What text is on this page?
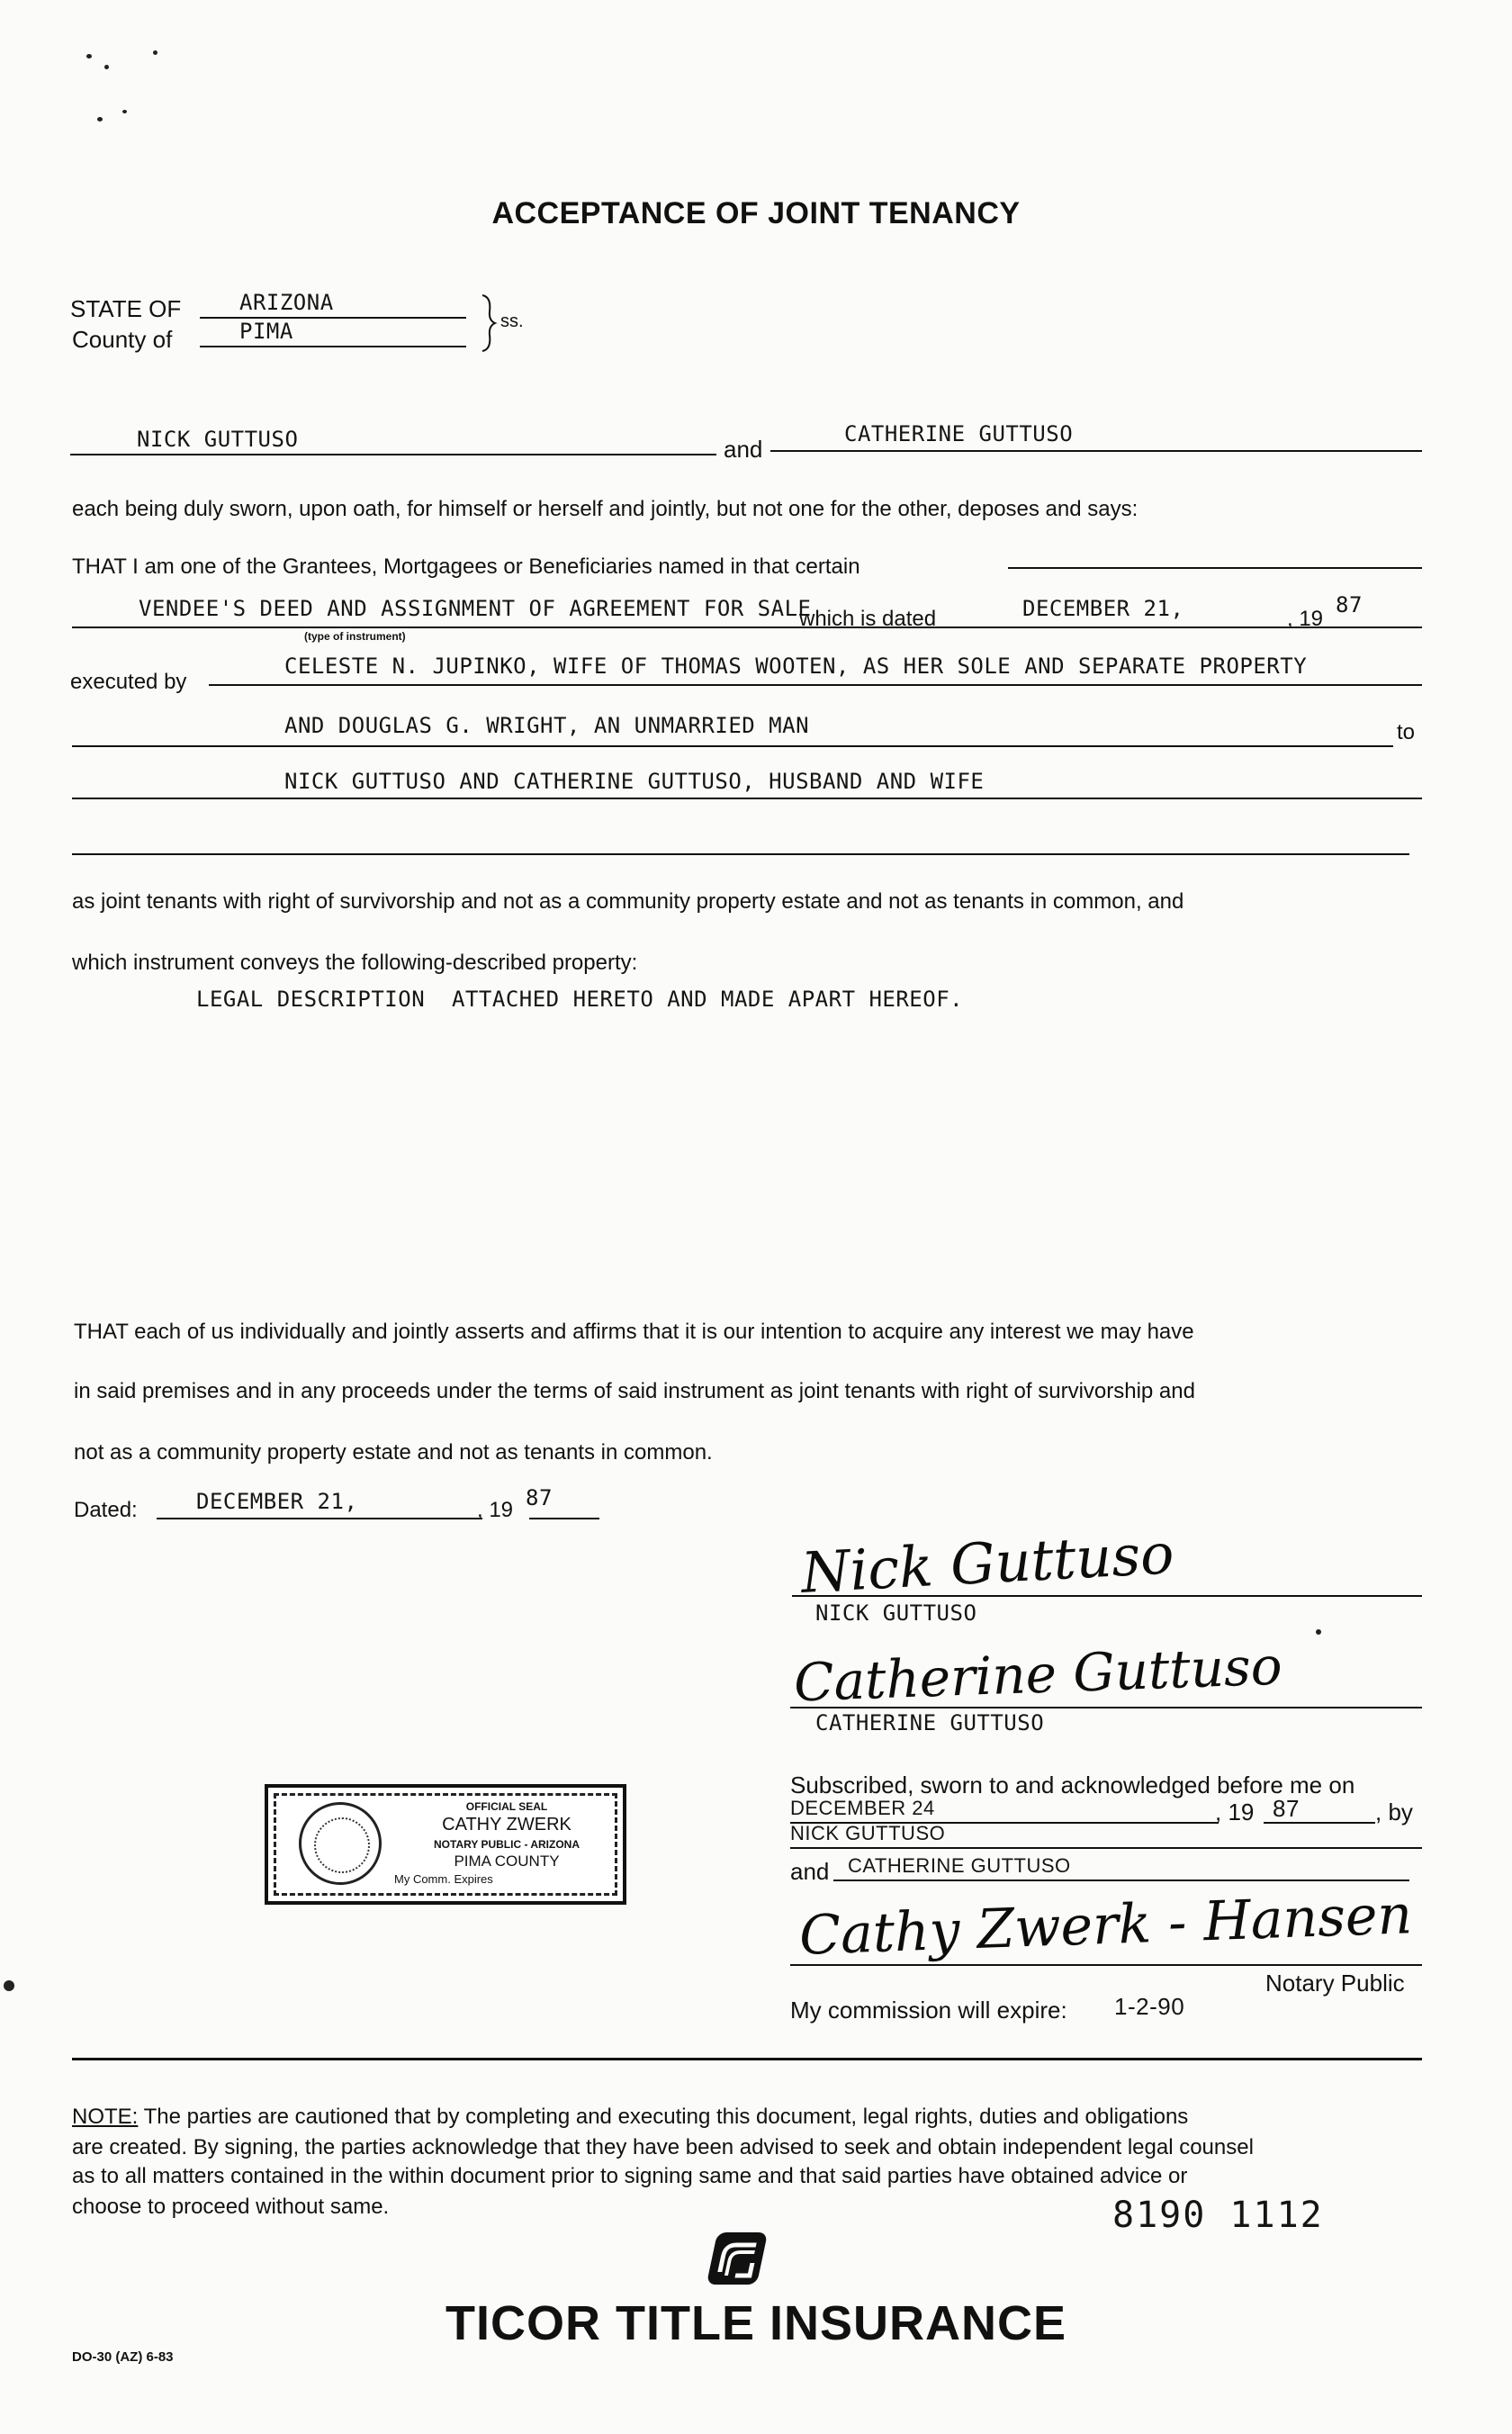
ACCEPTANCE OF JOINT TENANCY
STATE OF	ARIZONA
County of	PIMA	ss.
NICK GUTTUSO	and
CATHERINE GUTTUSO
each being duly sworn, upon oath, for himself or herself and jointly, but not one for the other, deposes and says:
THAT I am one of the Grantees, Mortgagees or Beneficiaries named in that certain
VENDEE'S DEED AND ASSIGNMENT OF AGREEMENT FOR SALE
(type of instrument)
which is dated	DECEMBER 21,	, 19
87
executed by
CELESTE N. JUPINKO, WIFE OF THOMAS WOOTEN, AS HER SOLE AND SEPARATE PROPERTY
AND DOUGLAS G. WRIGHT, AN UNMARRIED MAN	to
NICK GUTTUSO AND CATHERINE GUTTUSO, HUSBAND AND WIFE
as joint tenants with right of survivorship and not as a community property estate and not as tenants in common, and
which instrument conveys the following-described property:
LEGAL DESCRIPTION  ATTACHED HERETO AND MADE APART HEREOF.
THAT each of us individually and jointly asserts and affirms that it is our intention to acquire any interest we may have
in said premises and in any proceeds under the terms of said instrument as joint tenants with right of survivorship and
not as a community property estate and not as tenants in common.
Dated:	DECEMBER 21,	, 19 87
Nick Guttuso
NICK GUTTUSO
Catherine Guttuso
CATHERINE GUTTUSO
OFFICIAL SEAL
CATHY ZWERK
NOTARY PUBLIC - ARIZONA
PIMA COUNTY
My Comm. Expires
Subscribed, sworn to and acknowledged before me on
DECEMBER 24	, 19 87	, by
NICK GUTTUSO
and CATHERINE GUTTUSO
Cathy Zwerk - Hansen
Notary Public
My commission will expire: 1-2-90
NOTE: The parties are cautioned that by completing and executing this document, legal rights, duties and obligations
are created. By signing, the parties acknowledge that they have been advised to seek and obtain independent legal counsel
as to all matters contained in the within document prior to signing same and that said parties have obtained advice or
choose to proceed without same.	8190 1112
TICOR TITLE INSURANCE
DO-30 (AZ) 6-83
